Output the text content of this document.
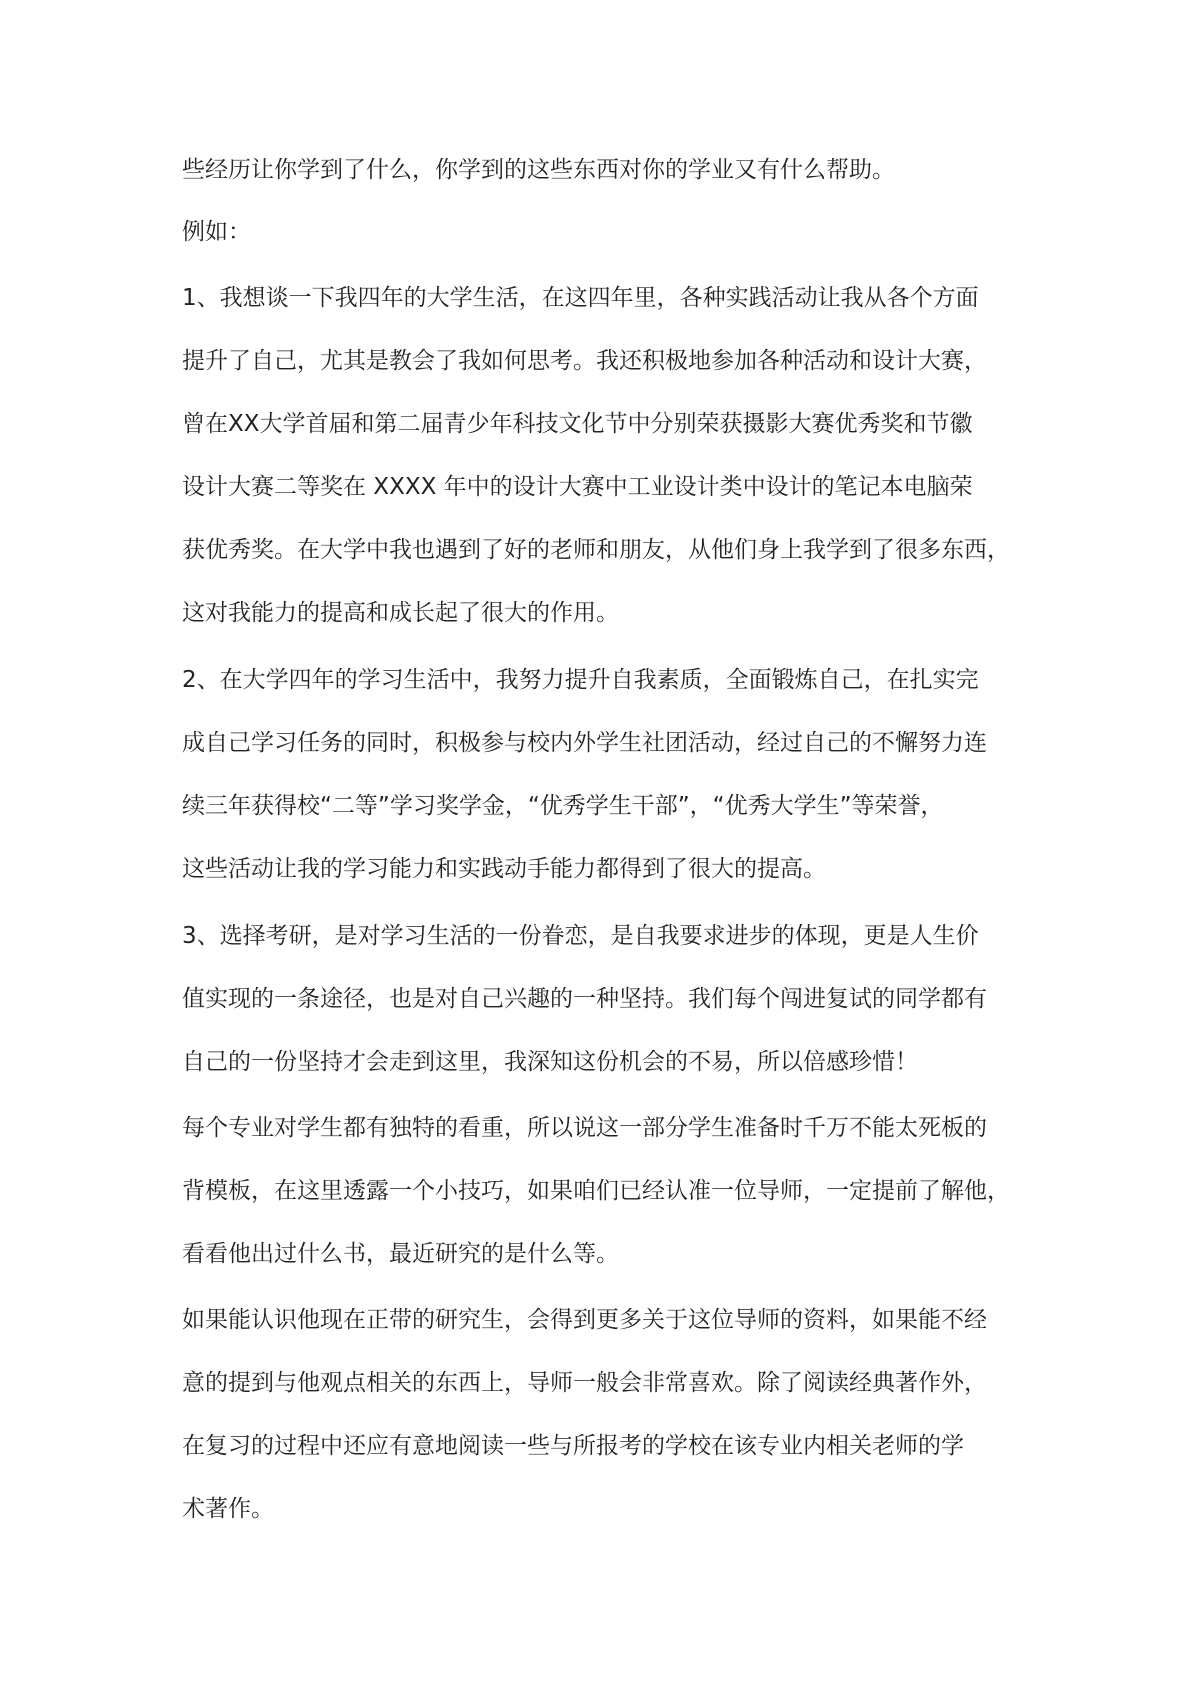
些经历让你学到了什么，你学到的这些东西对你的学业又有什么帮助。
例如：
1、我想谈一下我四年的大学生活，在这四年里，各种实践活动让我从各个方面
提升了自己，尤其是教会了我如何思考。我还积极地参加各种活动和设计大赛，
曾在XX大学首届和第二届青少年科技文化节中分别荣获摄影大赛优秀奖和节徽
设计大赛二等奖在 XXXX 年中的设计大赛中工业设计类中设计的笔记本电脑荣
获优秀奖。在大学中我也遇到了好的老师和朋友，从他们身上我学到了很多东西，
这对我能力的提高和成长起了很大的作用。
2、在大学四年的学习生活中，我努力提升自我素质，全面锻炼自己，在扎实完
成自己学习任务的同时，积极参与校内外学生社团活动，经过自己的不懈努力连
续三年获得校“二等”学习奖学金，“优秀学生干部”，“优秀大学生”等荣誉，
这些活动让我的学习能力和实践动手能力都得到了很大的提高。
3、选择考研，是对学习生活的一份眷恋，是自我要求进步的体现，更是人生价
值实现的一条途径，也是对自己兴趣的一种坚持。我们每个闯进复试的同学都有
自己的一份坚持才会走到这里，我深知这份机会的不易，所以倍感珍惜！
每个专业对学生都有独特的看重，所以说这一部分学生准备时千万不能太死板的
背模板，在这里透露一个小技巧，如果咱们已经认准一位导师，一定提前了解他，
看看他出过什么书，最近研究的是什么等。
如果能认识他现在正带的研究生，会得到更多关于这位导师的资料，如果能不经
意的提到与他观点相关的东西上，导师一般会非常喜欢。除了阅读经典著作外，
在复习的过程中还应有意地阅读一些与所报考的学校在该专业内相关老师的学
术著作。
